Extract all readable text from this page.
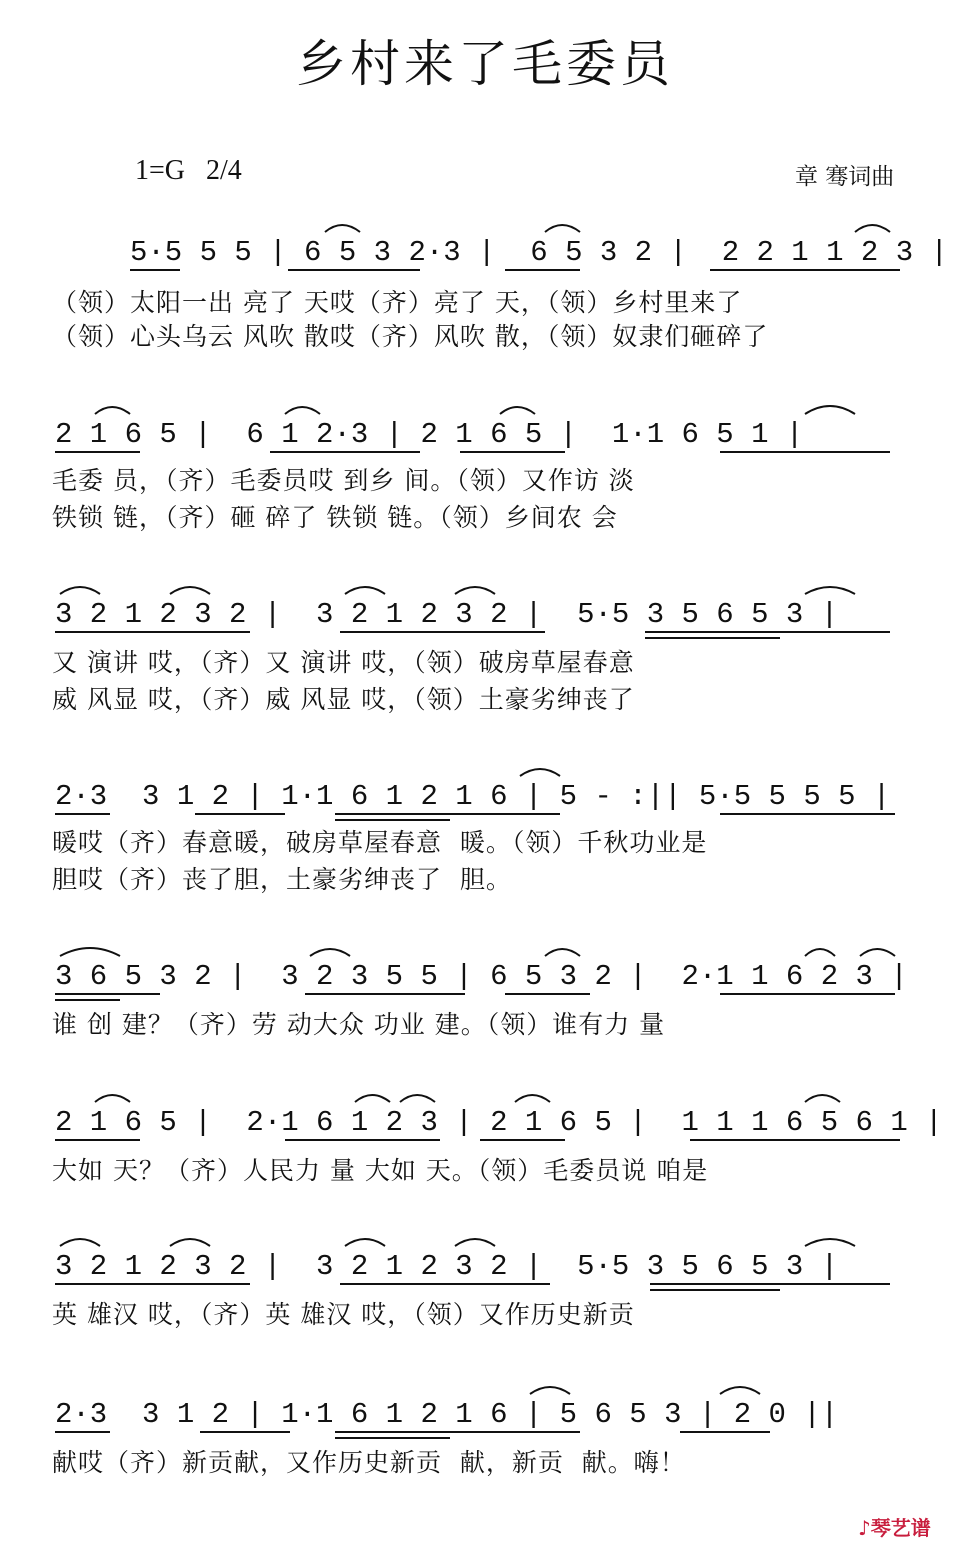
乡村来了毛委员
1=G 2/4	章 骞词曲
5·5 5 5 | 6 5 3 2·3 |  6 5 3 2 |  2 2 1 1 2 3 |
（领）太阳一出 亮了 天哎（齐）亮了 天，（领）乡村里来了
（领）心头乌云 风吹 散哎（齐）风吹 散，（领）奴隶们砸碎了
2 1 6 5 |  6 1 2·3 | 2 1 6 5 |  1·1 6 5 1 |
毛委 员，（齐）毛委员哎 到乡 间。（领）又作访 淡
铁锁 链，（齐）砸 碎了 铁锁 链。（领）乡间农 会
3 2 1 2 3 2 |  3 2 1 2 3 2 |  5·5 3 5 6 5 3 |
又 演讲 哎，（齐）又 演讲 哎，（领）破房草屋春意
威 风显 哎，（齐）威 风显 哎，（领）土豪劣绅丧了
2·3  3 1 2 | 1·1 6 1 2 1 6 | 5 - :|| 5·5 5 5 5 |
暖哎（齐）春意暖，破房草屋春意  暖。（领）千秋功业是
胆哎（齐）丧了胆，土豪劣绅丧了  胆。
3 6 5 3 2 |  3 2 3 5 5 | 6 5 3 2 |  2·1 1 6 2 3 |
谁 创 建？（齐）劳 动大众 功业 建。（领）谁有力 量
2 1 6 5 |  2·1 6 1 2 3 | 2 1 6 5 |  1 1 1 6 5 6 1 |
大如 天？（齐）人民力 量 大如 天。（领）毛委员说 咱是
3 2 1 2 3 2 |  3 2 1 2 3 2 |  5·5 3 5 6 5 3 |
英 雄汉 哎，（齐）英 雄汉 哎，（领）又作历史新贡
2·3  3 1 2 | 1·1 6 1 2 1 6 | 5 6 5 3 | 2 0 ||
献哎（齐）新贡献，又作历史新贡  献，新贡  献。嗨！
♪琴艺谱
